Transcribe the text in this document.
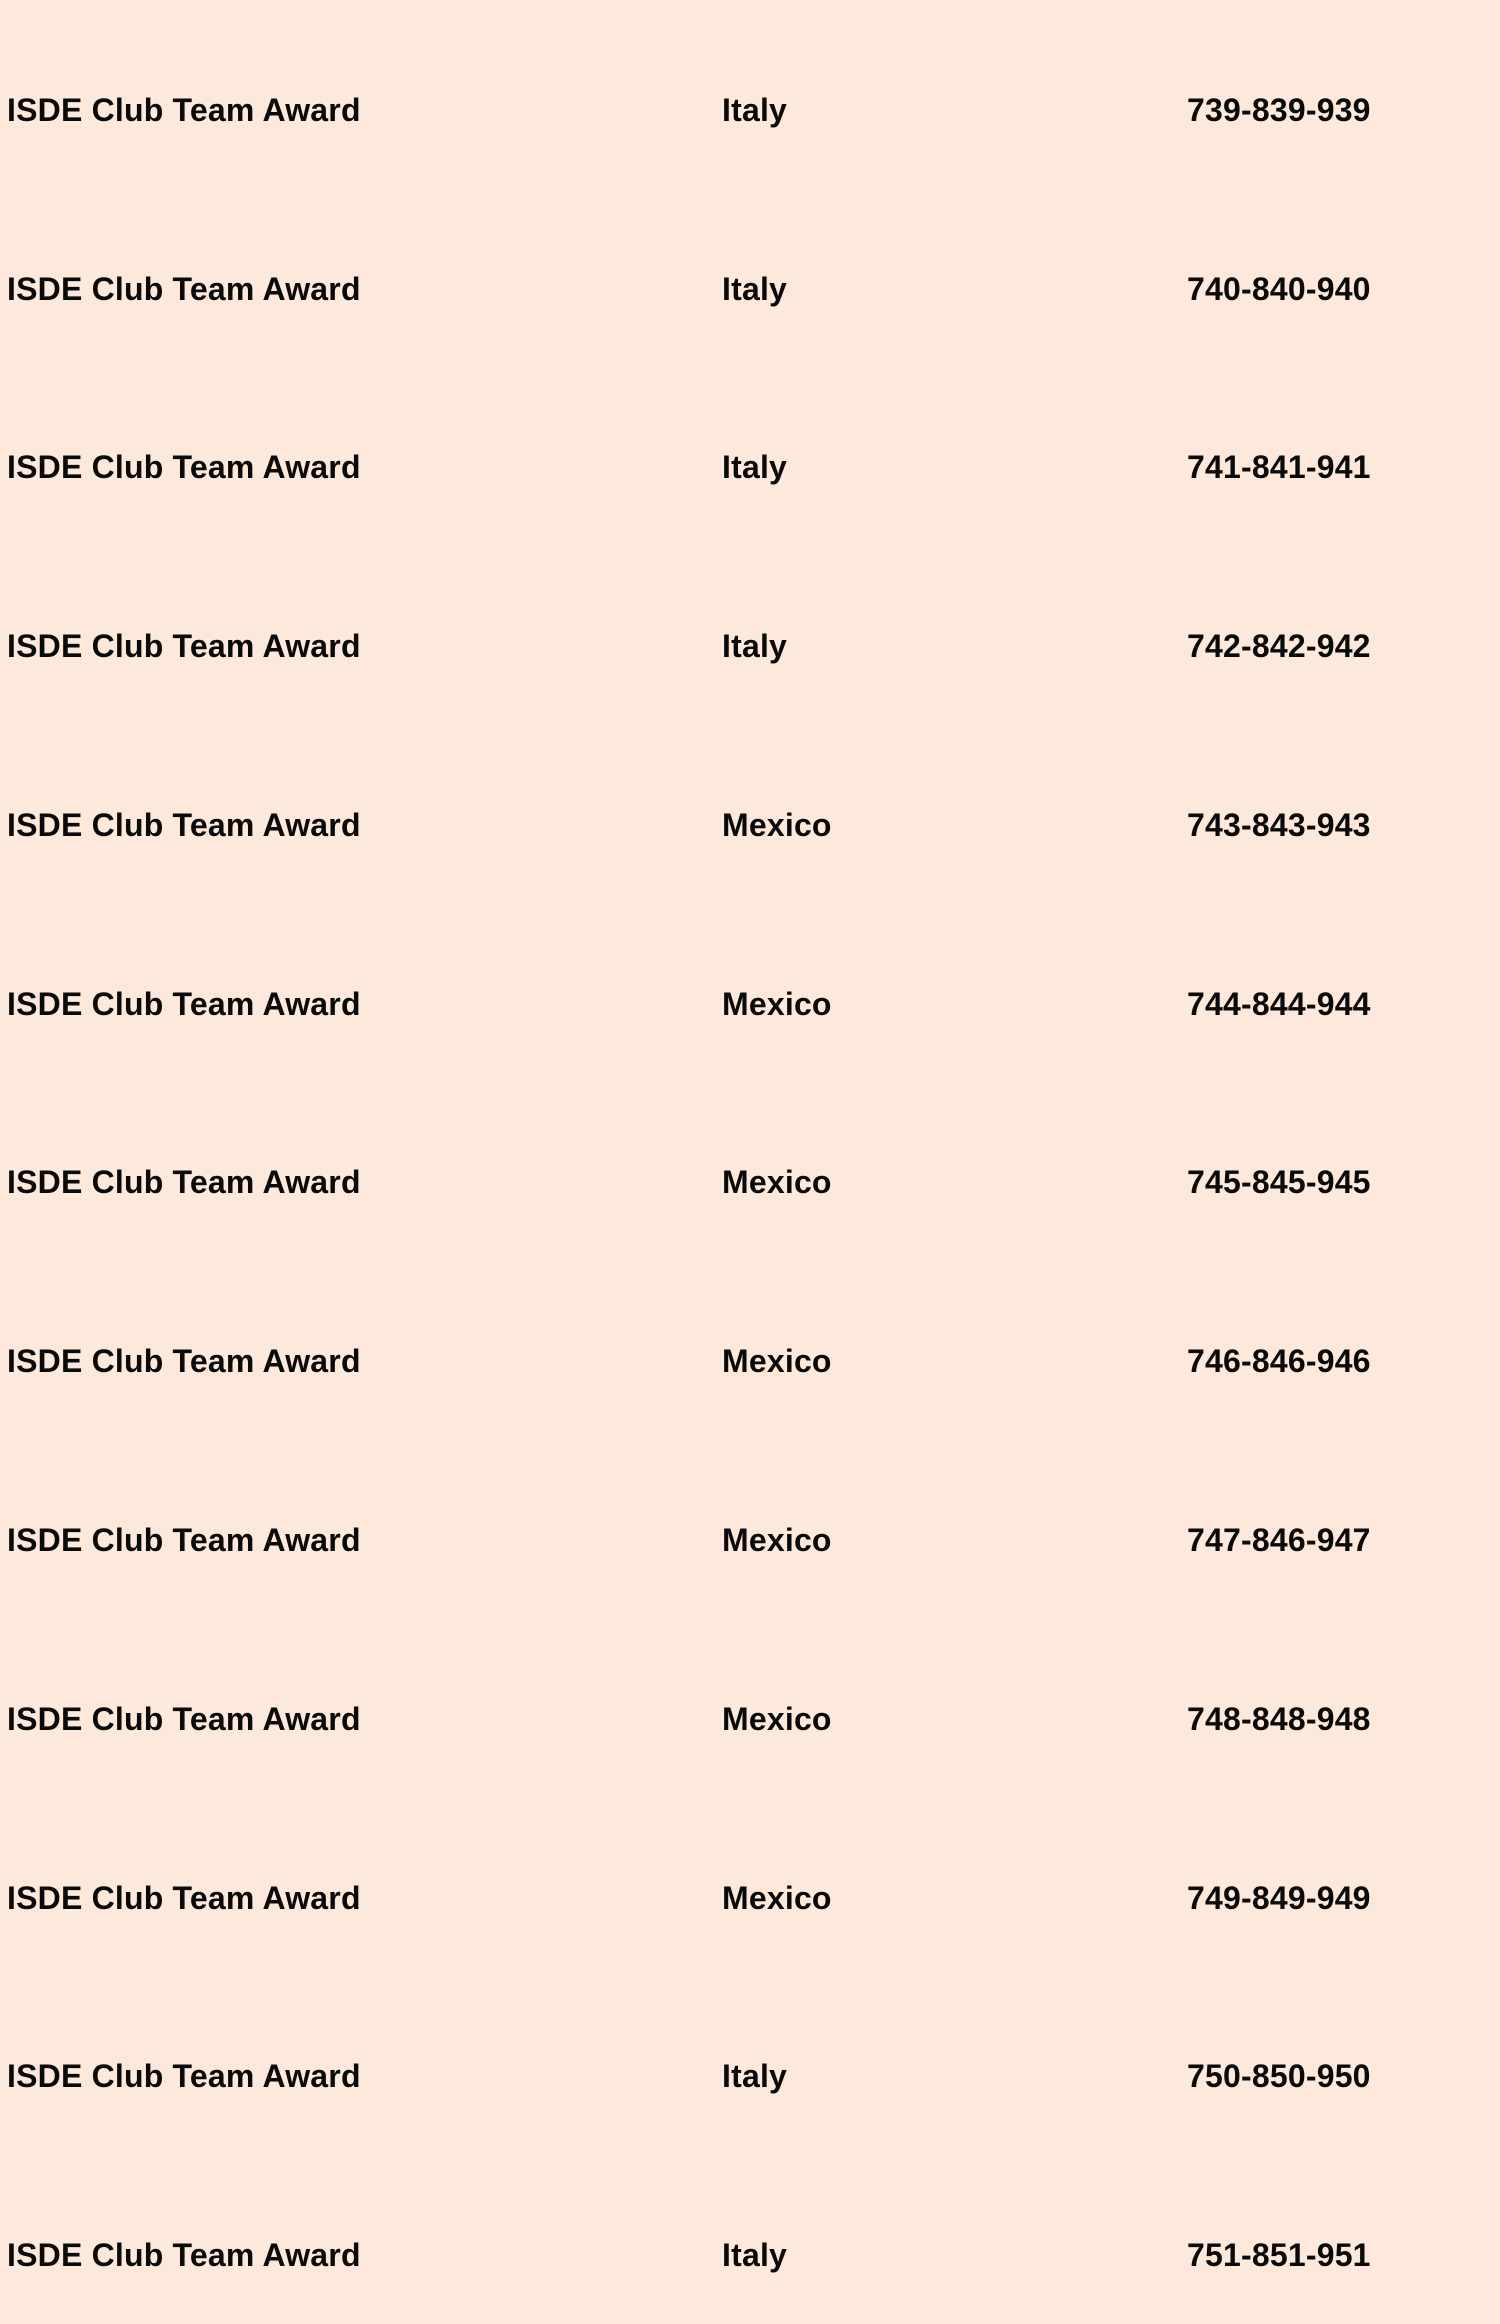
ISDE Club Team Award	Italy	739-839-939
ISDE Club Team Award	Italy	740-840-940
ISDE Club Team Award	Italy	741-841-941
ISDE Club Team Award	Italy	742-842-942
ISDE Club Team Award	Mexico	743-843-943
ISDE Club Team Award	Mexico	744-844-944
ISDE Club Team Award	Mexico	745-845-945
ISDE Club Team Award	Mexico	746-846-946
ISDE Club Team Award	Mexico	747-846-947
ISDE Club Team Award	Mexico	748-848-948
ISDE Club Team Award	Mexico	749-849-949
ISDE Club Team Award	Italy	750-850-950
ISDE Club Team Award	Italy	751-851-951
